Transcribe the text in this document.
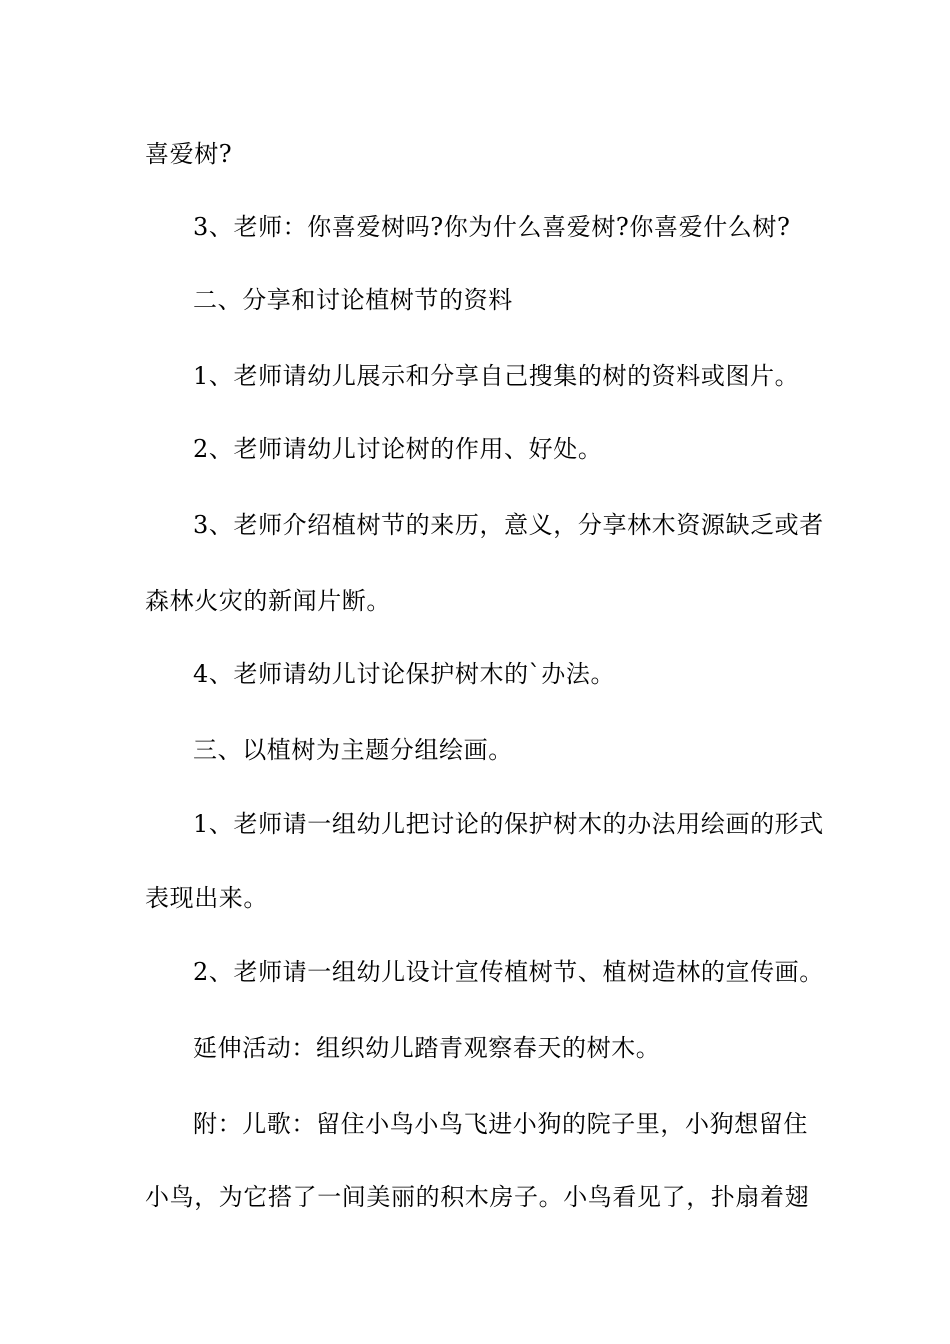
喜爱树?
3、老师：你喜爱树吗?你为什么喜爱树?你喜爱什么树?
二、分享和讨论植树节的资料
1、老师请幼儿展示和分享自己搜集的树的资料或图片。
2、老师请幼儿讨论树的作用、好处。
3、老师介绍植树节的来历，意义，分享林木资源缺乏或者
森林火灾的新闻片断。
4、老师请幼儿讨论保护树木的`办法。
三、以植树为主题分组绘画。
1、老师请一组幼儿把讨论的保护树木的办法用绘画的形式
表现出来。
2、老师请一组幼儿设计宣传植树节、植树造林的宣传画。
延伸活动：组织幼儿踏青观察春天的树木。
附：儿歌：留住小鸟小鸟飞进小狗的院子里，小狗想留住
小鸟，为它搭了一间美丽的积木房子。小鸟看见了，扑扇着翅
